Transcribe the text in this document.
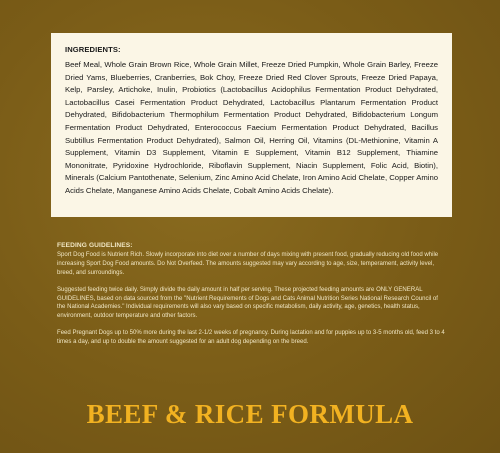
INGREDIENTS:

Beef Meal, Whole Grain Brown Rice, Whole Grain Millet, Freeze Dried Pumpkin, Whole Grain Barley, Freeze Dried Yams, Blueberries, Cranberries, Bok Choy, Freeze Dried Red Clover Sprouts, Freeze Dried Papaya, Kelp, Parsley, Artichoke, Inulin, Probiotics (Lactobacillus Acidophilus Fermentation Product Dehydrated, Lactobacillus Casei Fermentation Product Dehydrated, Lactobacillus Plantarum Fermentation Product Dehydrated, Bifidobacterium Thermophilum Fermentation Product Dehydrated, Bifidobacterium Longum Fermentation Product Dehydrated, Enterococcus Faecium Fermentation Product Dehydrated, Bacillus Subtillus Fermentation Product Dehydrated), Salmon Oil, Herring Oil, Vitamins (DL-Methionine, Vitamin A Supplement, Vitamin D3 Supplement, Vitamin E Supplement, Vitamin B12 Supplement, Thiamine Mononitrate, Pyridoxine Hydrochloride, Riboflavin Supplement, Niacin Supplement, Folic Acid, Biotin), Minerals (Calcium Pantothenate, Selenium, Zinc Amino Acid Chelate, Iron Amino Acid Chelate, Copper Amino Acids Chelate, Manganese Amino Acids Chelate, Cobalt Amino Acids Chelate).

FEEDING GUIDELINES:

Sport Dog Food is Nutrient Rich. Slowly incorporate into diet over a number of days mixing with present food, gradually reducing old food while increasing Sport Dog Food amounts. Do Not Overfeed. The amounts suggested may vary according to age, size, temperament, activity level, breed, and surroundings.

Suggested feeding twice daily. Simply divide the daily amount in half per serving. These projected feeding amounts are ONLY GENERAL GUIDELINES, based on data sourced from the "Nutrient Requirements of Dogs and Cats Animal Nutrition Series National Research Council of the National Academies." Individual requirements will also vary based on specific metabolism, daily activity, age, genetics, health status, environment, outdoor temperature and other factors.

Feed Pregnant Dogs up to 50% more during the last 2-1/2 weeks of pregnancy. During lactation and for puppies up to 3-5 months old, feed 3 to 4 times a day, and up to double the amount suggested for an adult dog depending on the breed.

BEEF & RICE FORMULA
